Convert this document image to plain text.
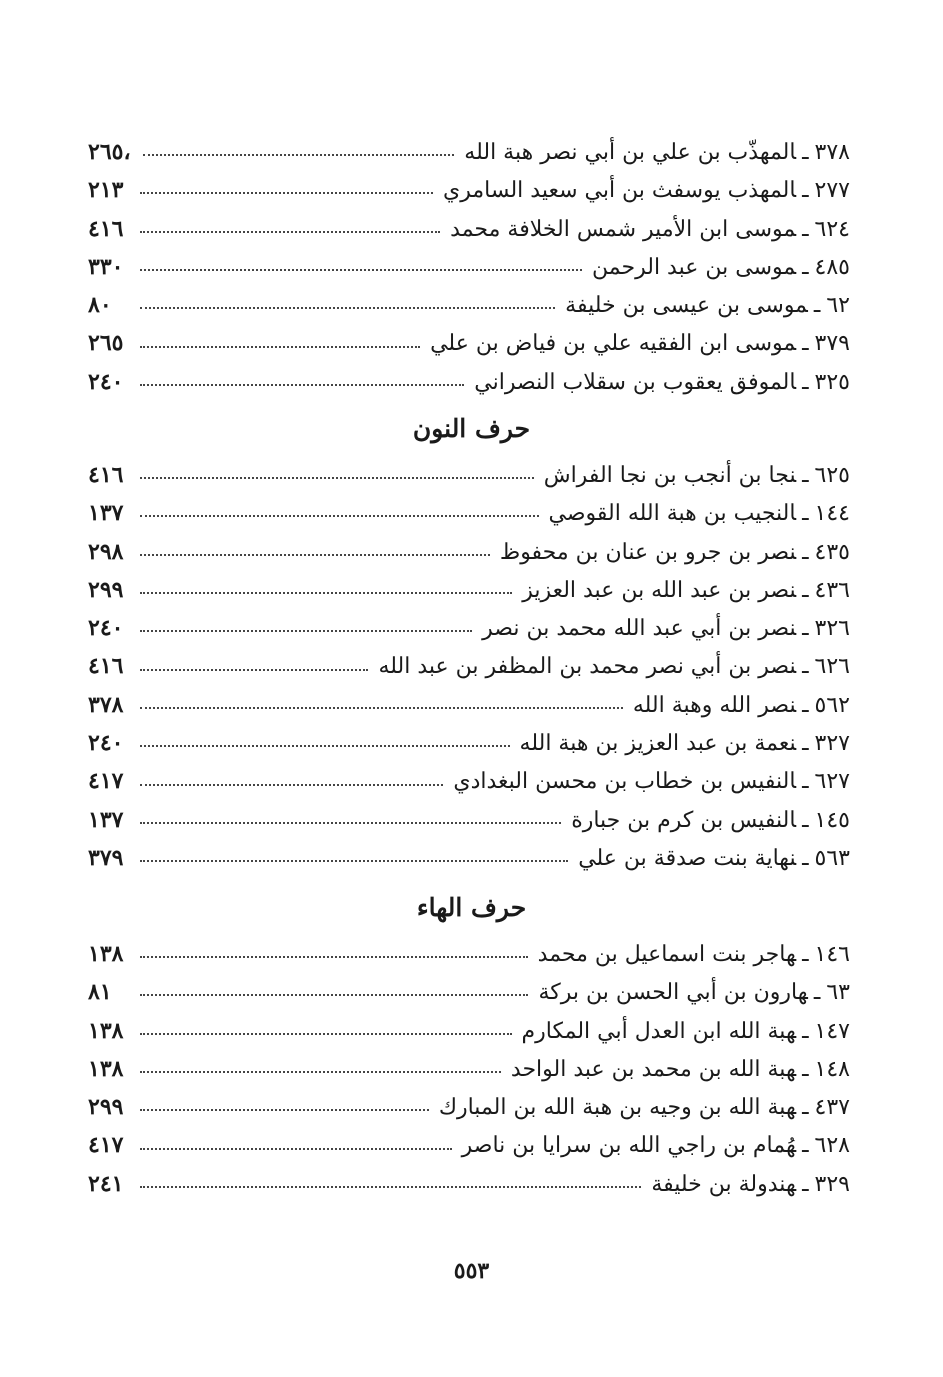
٣٧٨ـالمهذّب بن علي بن أبي نصر هبة الله
٢٦٥،
٢٧٧ـالمهذب يوسفث بن أبي سعيد السامري
٢١٣
٦٢٤ـموسى ابن الأمير شمس الخلافة محمد
٤١٦
٤٨٥ـموسى بن عبد الرحمن
٣٣٠
٦٢ـموسى بن عيسى بن خليفة
٨٠
٣٧٩ـموسى ابن الفقيه علي بن فياض بن علي
٢٦٥
٣٢٥ـالموفق يعقوب بن سقلاب النصراني
٢٤٠
حرف النون
٦٢٥ـنجا بن أنجب بن نجا الفراش
٤١٦
١٤٤ـالنجيب بن هبة الله القوصي
١٣٧
٤٣٥ـنصر بن جرو بن عنان بن محفوظ
٢٩٨
٤٣٦ـنصر بن عبد الله بن عبد العزيز
٢٩٩
٣٢٦ـنصر بن أبي عبد الله محمد بن نصر
٢٤٠
٦٢٦ـنصر بن أبي نصر محمد بن المظفر بن عبد الله
٤١٦
٥٦٢ـنصر الله وهبة الله
٣٧٨
٣٢٧ـنعمة بن عبد العزيز بن هبة الله
٢٤٠
٦٢٧ـالنفيس بن خطاب بن محسن البغدادي
٤١٧
١٤٥ـالنفيس بن كرم بن جبارة
١٣٧
٥٦٣ـنهاية بنت صدقة بن علي
٣٧٩
حرف الهاء
١٤٦ـهاجر بنت اسماعيل بن محمد
١٣٨
٦٣ـهارون بن أبي الحسن بن بركة
٨١
١٤٧ـهبة الله ابن العدل أبي المكارم
١٣٨
١٤٨ـهبة الله بن محمد بن عبد الواحد
١٣٨
٤٣٧ـهبة الله بن وجيه بن هبة الله بن المبارك
٢٩٩
٦٢٨ـهُمام بن راجي الله بن سرايا بن ناصر
٤١٧
٣٢٩ـهندولة بن خليفة
٢٤١
٥٥٣
